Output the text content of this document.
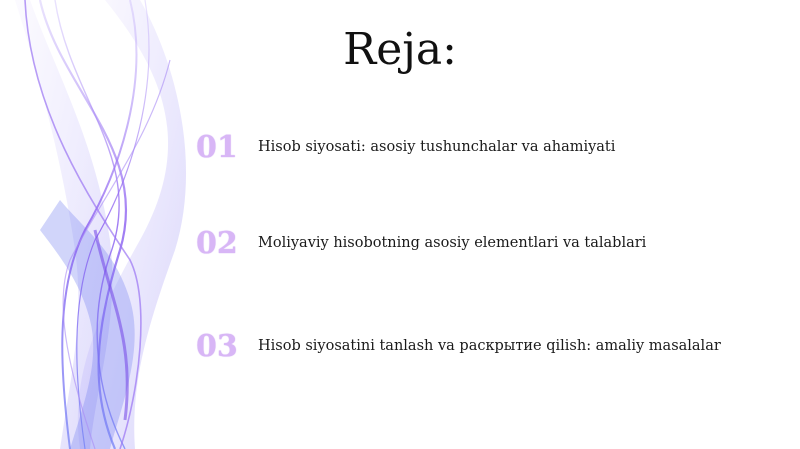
Reja:
01	Hisob siyosati: asosiy tushunchalar va ahamiyati
02	Moliyaviy hisobotning asosiy elementlari va talablari
03	Hisob siyosatini tanlash va раскрытие qilish: amaliy masalalar
